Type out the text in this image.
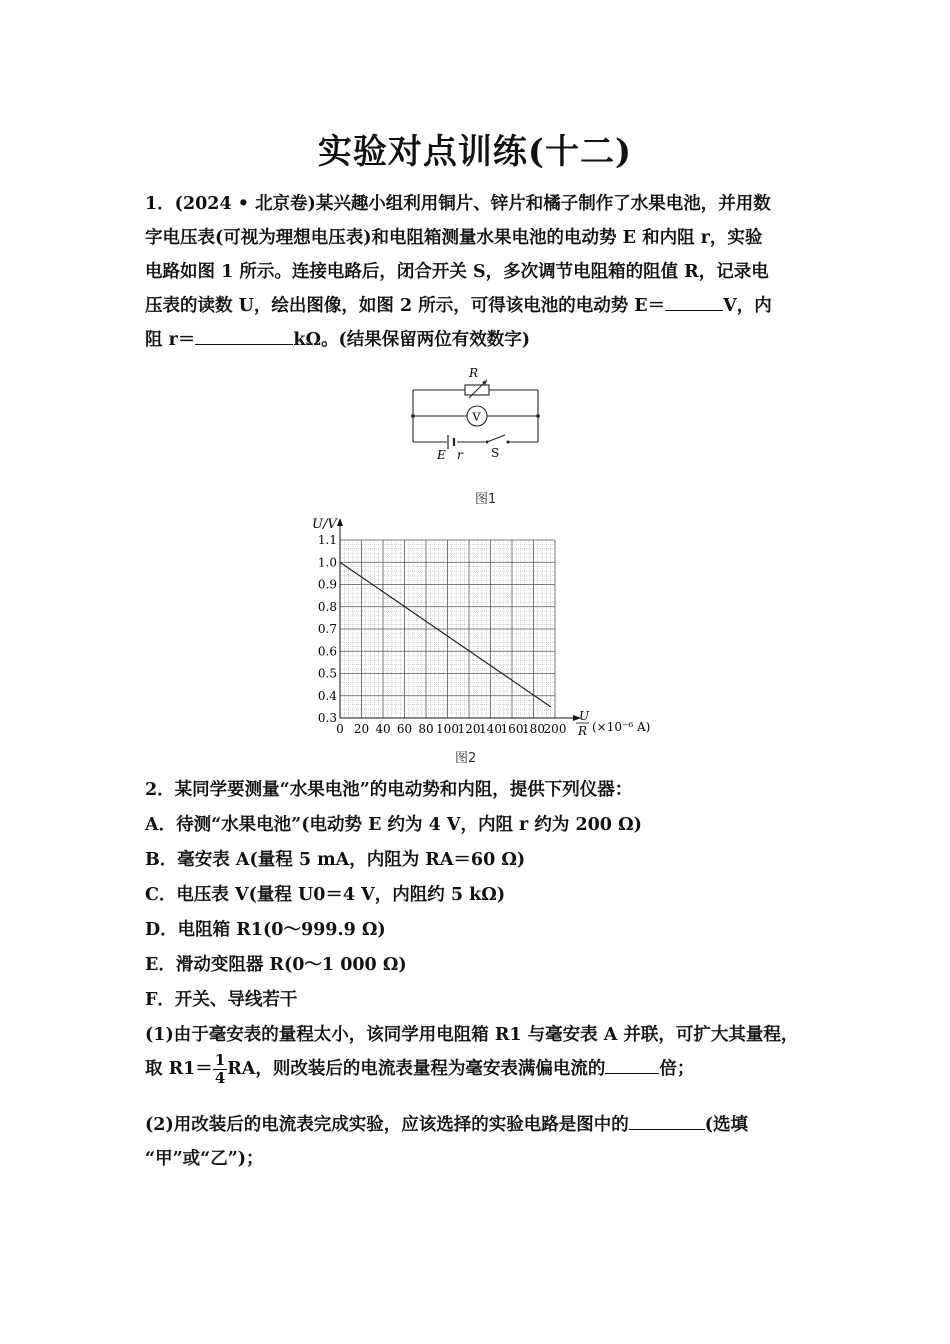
实验对点训练(十二)
1．(2024 • 北京卷)某兴趣小组利用铜片、锌片和橘子制作了水果电池，并用数
字电压表(可视为理想电压表)和电阻箱测量水果电池的电动势 E 和内阻 r，实验
电路如图 1 所示。连接电路后，闭合开关 S，多次调节电阻箱的阻值 R，记录电
压表的读数 U，绘出图像，如图 2 所示，可得该电池的电动势 E＝	V，内
阻 r＝	kΩ。(结果保留两位有效数字)
R
V
E r S
图1
0 20 40 60 80 100
120
140
160
180
200
0.3
0.4
0.5
0.6
0.7
0.8
0.9
1.0
1.1
U/V
U
R (×10⁻⁶ A)
图2
2．某同学要测量“水果电池”的电动势和内阻，提供下列仪器：
A．待测“水果电池”(电动势 E 约为 4 V，内阻 r 约为 200 Ω)
B．毫安表 A(量程 5 mA，内阻为 RA＝60 Ω)
C．电压表 V(量程 U0＝4 V，内阻约 5 kΩ)
D．电阻箱 R1(0～999.9 Ω)
E．滑动变阻器 R(0～1 000 Ω)
F．开关、导线若干
(1)由于毫安表的量程太小，该同学用电阻箱 R1 与毫安表 A 并联，可扩大其量程，
取 $R1= \frac{1}{4}$ RA，则改装后的电流表量程为毫安表满偏电流的	倍；
(2)用改装后的电流表完成实验，应该选择的实验电路是图中的	(选填
“甲”或“乙”)；
